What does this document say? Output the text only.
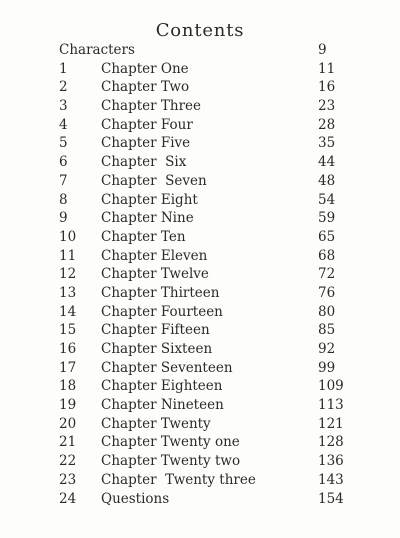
Contents
Characters	9
1 Chapter One	11
2 Chapter Two	16
3 Chapter Three	23
4 Chapter Four	28
5 Chapter Five	35
6 Chapter  Six	44
7 Chapter  Seven	48
8 Chapter Eight	54
9 Chapter Nine	59
10 Chapter Ten	65
11 Chapter Eleven	68
12 Chapter Twelve	72
13 Chapter Thirteen	76
14 Chapter Fourteen	80
15 Chapter Fifteen	85
16 Chapter Sixteen	92
17 Chapter Seventeen	99
18 Chapter Eighteen	109
19 Chapter Nineteen	113
20 Chapter Twenty	121
21 Chapter Twenty one	128
22 Chapter Twenty two	136
23 Chapter  Twenty three	143
24 Questions	154
